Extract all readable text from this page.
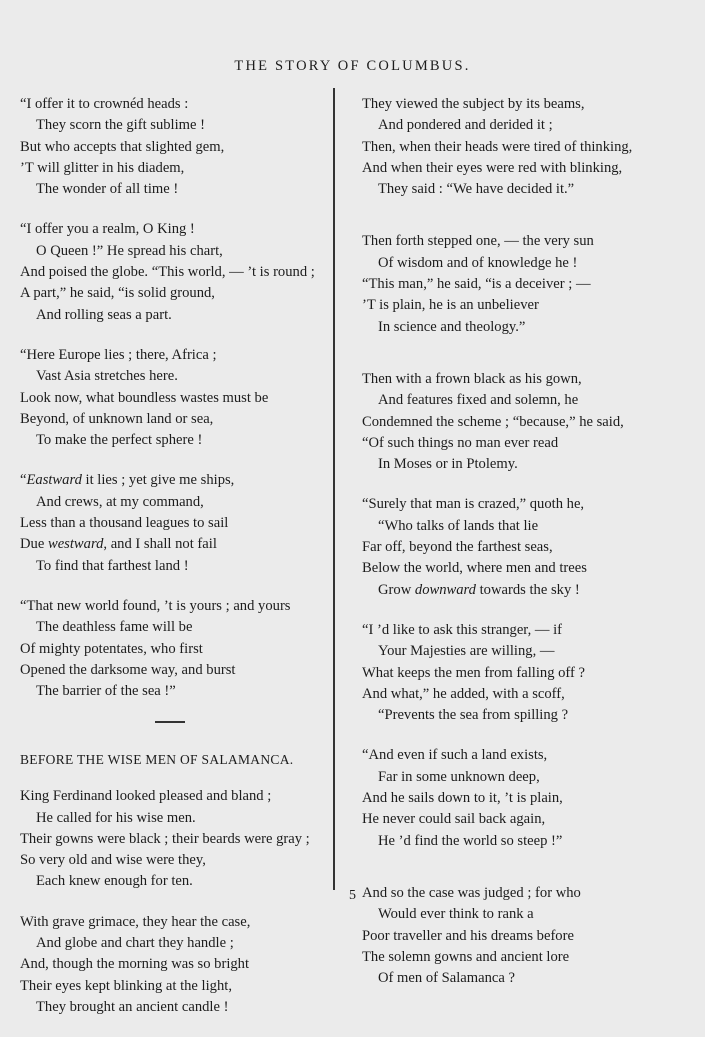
THE STORY OF COLUMBUS.
“I offer it to crownéd heads :
They scorn the gift sublime !
But who accepts that slighted gem,
’T will glitter in his diadem,
The wonder of all time !
“I offer you a realm, O King !
O Queen !” He spread his chart,
And poised the globe. “This world, — ’t is round ;
A part,” he said, “is solid ground,
And rolling seas a part.
“Here Europe lies ; there, Africa ;
Vast Asia stretches here.
Look now, what boundless wastes must be
Beyond, of unknown land or sea,
To make the perfect sphere !
“Eastward it lies ; yet give me ships,
And crews, at my command,
Less than a thousand leagues to sail
Due westward, and I shall not fail
To find that farthest land !
“That new world found, ’t is yours ; and yours
The deathless fame will be
Of mighty potentates, who first
Opened the darksome way, and burst
The barrier of the sea !”
BEFORE THE WISE MEN OF SALAMANCA.
King Ferdinand looked pleased and bland ;
He called for his wise men.
Their gowns were black ; their beards were gray ;
So very old and wise were they,
Each knew enough for ten.
With grave grimace, they hear the case,
And globe and chart they handle ;
And, though the morning was so bright
Their eyes kept blinking at the light,
They brought an ancient candle !
They viewed the subject by its beams,
And pondered and derided it ;
Then, when their heads were tired of thinking,
And when their eyes were red with blinking,
They said : “We have decided it.”
Then forth stepped one, — the very sun
Of wisdom and of knowledge he !
“This man,” he said, “is a deceiver ; —
’T is plain, he is an unbeliever
In science and theology.”
Then with a frown black as his gown,
And features fixed and solemn, he
Condemned the scheme ; “because,” he said,
“Of such things no man ever read
In Moses or in Ptolemy.
“Surely that man is crazed,” quoth he,
“Who talks of lands that lie
Far off, beyond the farthest seas,
Below the world, where men and trees
Grow downward towards the sky !
“I ’d like to ask this stranger, — if
Your Majesties are willing, —
What keeps the men from falling off ?
And what,” he added, with a scoff,
“Prevents the sea from spilling ?
“And even if such a land exists,
Far in some unknown deep,
And he sails down to it, ’t is plain,
He never could sail back again,
He ’d find the world so steep !”
And so the case was judged ; for who
Would ever think to rank a
Poor traveller and his dreams before
The solemn gowns and ancient lore
Of men of Salamanca ?
5
